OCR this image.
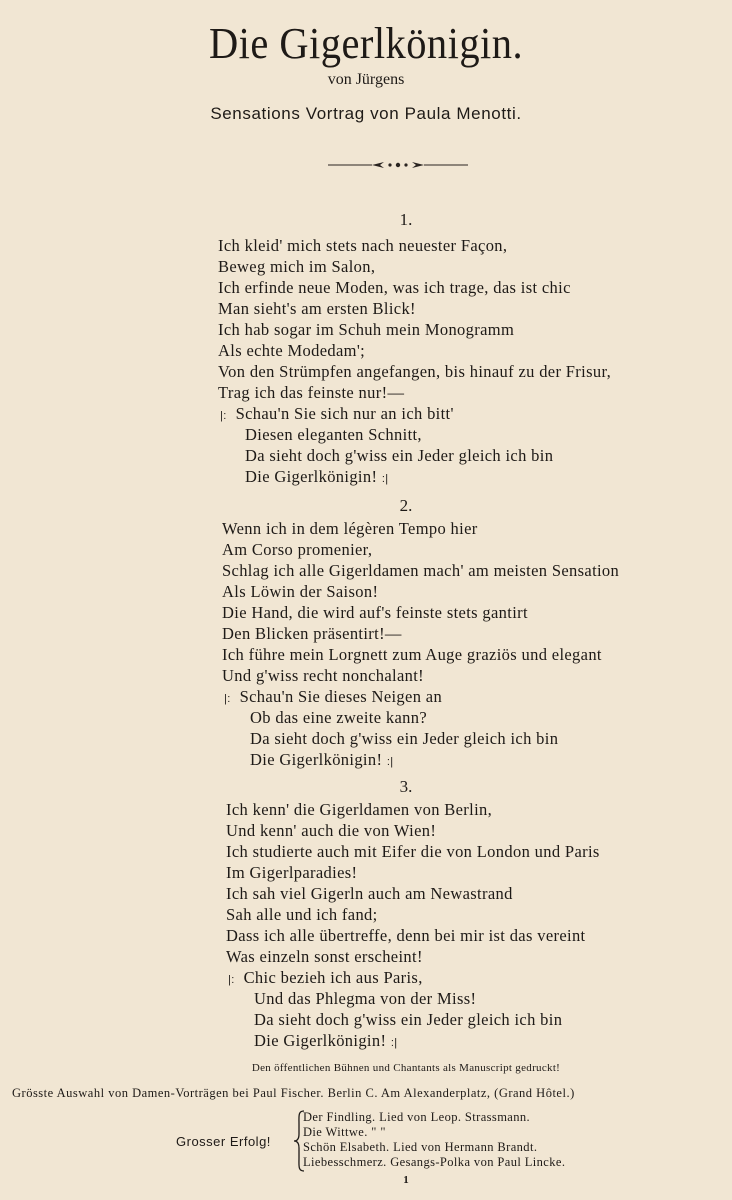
Die Gigerlkönigin.
von Jürgens
Sensations Vortrag von Paula Menotti.
1.
Ich kleid' mich stets nach neuester Façon,
Beweg mich im Salon,
Ich erfinde neue Moden, was ich trage, das ist chic
Man sieht's am ersten Blick!
Ich hab sogar im Schuh mein Monogramm
Als echte Modedam';
Von den Strümpfen angefangen, bis hinauf zu der Frisur,
Trag ich das feinste nur!—
|: Schau'n Sie sich nur an ich bitt'
Diesen eleganten Schnitt,
Da sieht doch g'wiss ein Jeder gleich ich bin
Die Gigerlkönigin! :|
2.
Wenn ich in dem légèren Tempo hier
Am Corso promenier,
Schlag ich alle Gigerldamen mach' am meisten Sensation
Als Löwin der Saison!
Die Hand, die wird auf's feinste stets gantirt
Den Blicken präsentirt!—
Ich führe mein Lorgnett zum Auge graziös und elegant
Und g'wiss recht nonchalant!
|: Schau'n Sie dieses Neigen an
Ob das eine zweite kann?
Da sieht doch g'wiss ein Jeder gleich ich bin
Die Gigerlkönigin! :|
3.
Ich kenn' die Gigerldamen von Berlin,
Und kenn' auch die von Wien!
Ich studierte auch mit Eifer die von London und Paris
Im Gigerlparadies!
Ich sah viel Gigerln auch am Newastrand
Sah alle und ich fand;
Dass ich alle übertreffe, denn bei mir ist das vereint
Was einzeln sonst erscheint!
|: Chic bezieh ich aus Paris,
Und das Phlegma von der Miss!
Da sieht doch g'wiss ein Jeder gleich ich bin
Die Gigerlkönigin! :|
Den öffentlichen Bühnen und Chantants als Manuscript gedruckt!
Grösste Auswahl von Damen-Vorträgen bei Paul Fischer. Berlin C. Am Alexanderplatz, (Grand Hôtel.)
Grosser Erfolg!
Der Findling. Lied von Leop. Strassmann.
Die Wittwe. " "
Schön Elsabeth. Lied von Hermann Brandt.
Liebesschmerz. Gesangs-Polka von Paul Lincke.
1
